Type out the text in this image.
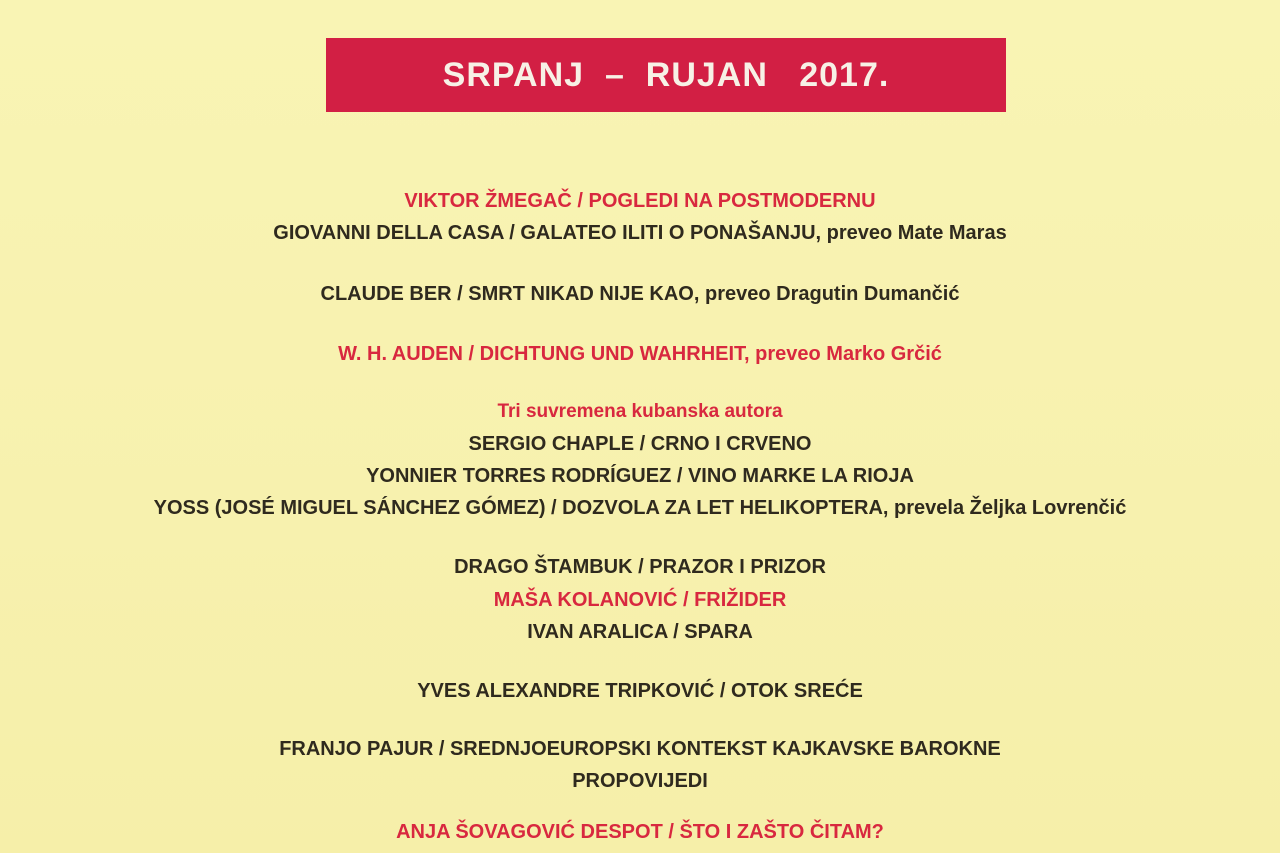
SRPANJ  –  RUJAN   2017.
VIKTOR ŽMEGAČ / POGLEDI NA POSTMODERNU
GIOVANNI DELLA CASA / GALATEO ILITI O PONAŠANJU, preveo Mate Maras
CLAUDE BER / SMRT NIKAD NIJE KAO, preveo Dragutin Dumančić
W. H. AUDEN / DICHTUNG UND WAHRHEIT, preveo Marko Grčić
Tri suvremena kubanska autora
SERGIO CHAPLE / CRNO I CRVENO
YONNIER TORRES RODRÍGUEZ / VINO MARKE LA RIOJA
YOSS (JOSÉ MIGUEL SÁNCHEZ GÓMEZ) / DOZVOLA ZA LET HELIKOPTERA, prevela Željka Lovrenčić
DRAGO ŠTAMBUK / PRAZOR I PRIZOR
MAŠA KOLANOVIĆ / FRIŽIDER
IVAN ARALICA / SPARA
YVES ALEXANDRE TRIPKOVIĆ / OTOK SREĆE
FRANJO PAJUR / SREDNJOEUROPSKI KONTEKST KAJKAVSKE BAROKNE
PROPOVIJEDI
ANJA ŠOVAGOVIĆ DESPOT / ŠTO I ZAŠTO ČITAM?
